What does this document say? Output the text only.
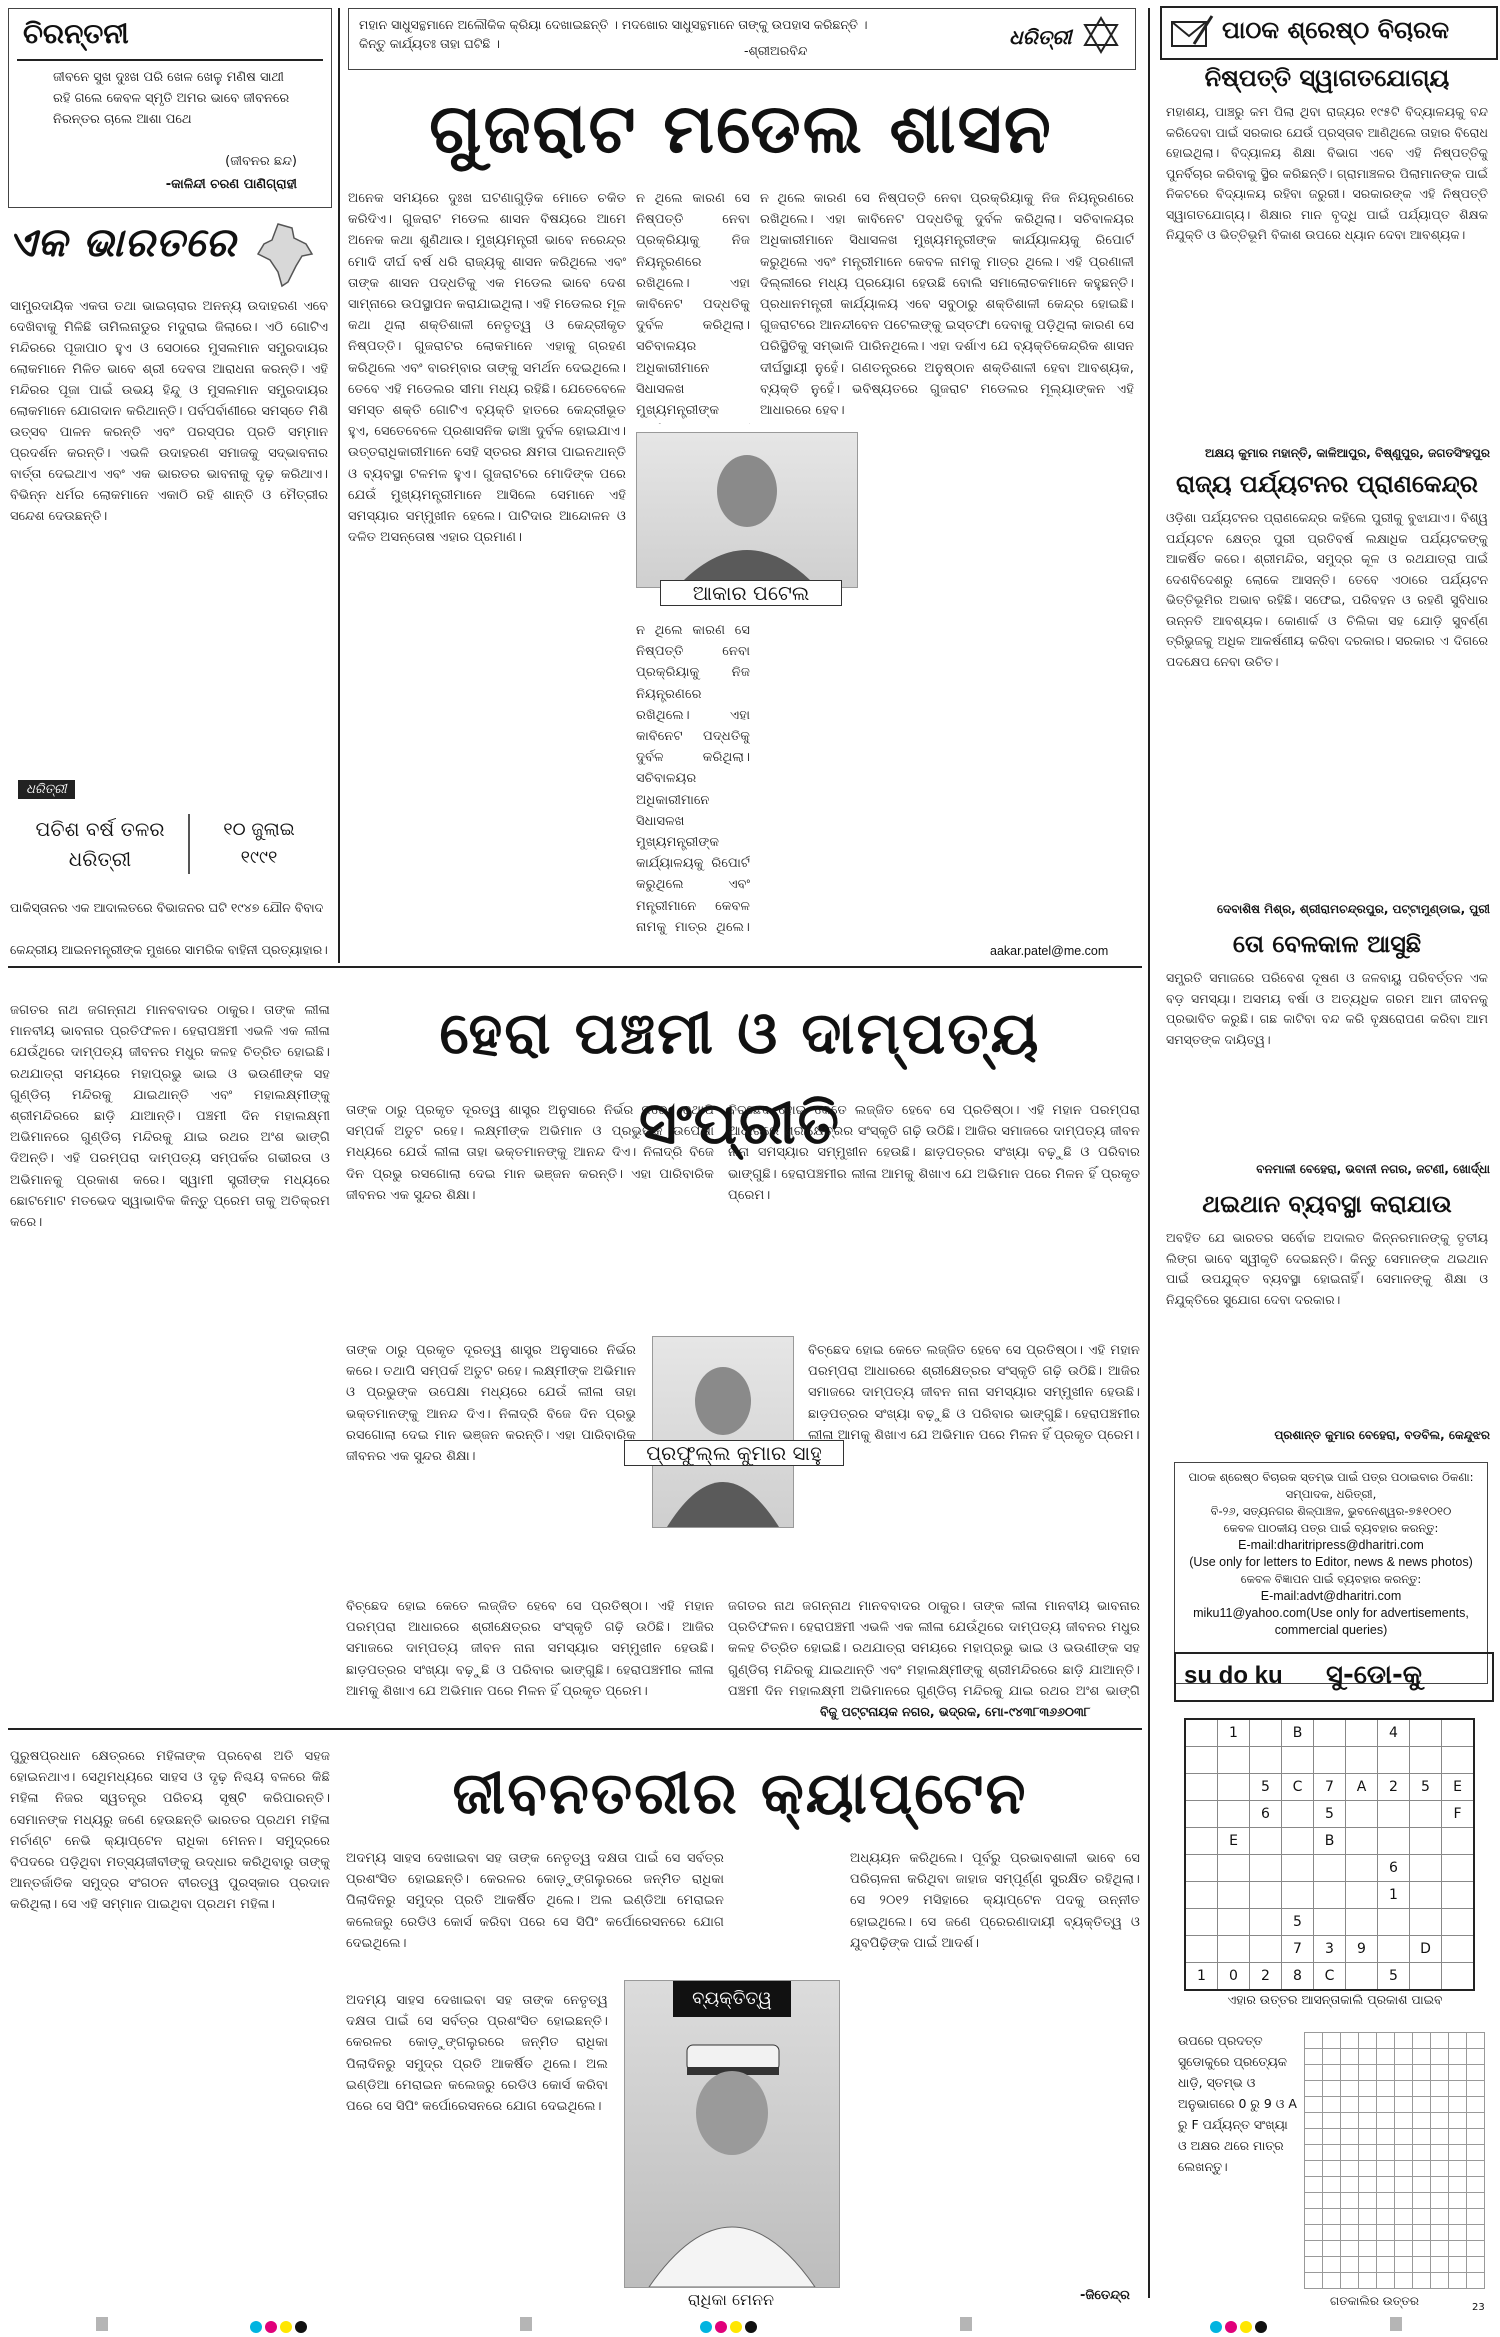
ଚିରନ୍ତନୀ
ଜୀବନେ ସୁଖ ଦୁଃଖ ପରି ଖେଳ ଖେଳୁ ମଣିଷ ସାଥୀ ରହି ଗଲେ କେବଳ ସ୍ମୃତି ଅମର ଭାବେ ଜୀବନରେ ନିରନ୍ତର ଚାଲେ ଆଶା ପଥେ
(ଜୀବନର ଛନ୍ଦ)
-କାଳିନ୍ଦୀ ଚରଣ ପାଣିଗ୍ରାହୀ
ମହାନ ସାଧୁସନ୍ଥମାନେ ଅଲୌକିକ କ୍ରିୟା ଦେଖାଇଛନ୍ତି । ମଦଖୋର ସାଧୁସନ୍ଥମାନେ ତାଙ୍କୁ ଉପହାସ କରିଛନ୍ତି । କିନ୍ତୁ କାର୍ଯ୍ୟତଃ ତାହା ଘଟିଛି ।	-ଶ୍ରୀଅରବିନ୍ଦ
ଧରିତ୍ରୀ
ଗୁଜରାଟ ମଡେଲ ଶାସନ
ପାଠକ ଶ୍ରେଷ୍ଠ ବିଚାରକ
ନିଷ୍ପତ୍ତି ସ୍ୱାଗତଯୋଗ୍ୟ
ମହାଶୟ, ପାଞ୍ଚରୁ କମ ପିଲା ଥିବା ରାଜ୍ୟର ୧୯୫ଟି ବିଦ୍ୟାଳୟକୁ ବନ୍ଦ କରିଦେବା ପାଇଁ ସରକାର ଯେଉଁ ପ୍ରସ୍ତାବ ଆଣିଥିଲେ ତାହାର ବିରୋଧ ହୋଇଥିଲା। ବିଦ୍ୟାଳୟ ଶିକ୍ଷା ବିଭାଗ ଏବେ ଏହି ନିଷ୍ପତ୍ତିକୁ ପୁନର୍ବିଚାର କରିବାକୁ ସ୍ଥିର କରିଛନ୍ତି। ଗ୍ରାମାଞ୍ଚଳର ପିଲାମାନଙ୍କ ପାଇଁ ନିକଟରେ ବିଦ୍ୟାଳୟ ରହିବା ଜରୁରୀ। ସରକାରଙ୍କ ଏହି ନିଷ୍ପତ୍ତି ସ୍ୱାଗତଯୋଗ୍ୟ। ଶିକ୍ଷାର ମାନ ବୃଦ୍ଧି ପାଇଁ ପର୍ଯ୍ୟାପ୍ତ ଶିକ୍ଷକ ନିଯୁକ୍ତି ଓ ଭିତ୍ତିଭୂମି ବିକାଶ ଉପରେ ଧ୍ୟାନ ଦେବା ଆବଶ୍ୟକ।
ଅକ୍ଷୟ କୁମାର ମହାନ୍ତି, କାଳିଆପୁର, ବିଷ୍ଣୁପୁର, ଜଗତସିଂହପୁର
ରାଜ୍ୟ ପର୍ଯ୍ୟଟନର ପ୍ରାଣକେନ୍ଦ୍ର
ଓଡ଼ିଶା ପର୍ଯ୍ୟଟନର ପ୍ରାଣକେନ୍ଦ୍ର କହିଲେ ପୁରୀକୁ ବୁଝାଯାଏ। ବିଶ୍ୱ ପର୍ଯ୍ୟଟନ କ୍ଷେତ୍ର ପୁରୀ ପ୍ରତିବର୍ଷ ଲକ୍ଷାଧିକ ପର୍ଯ୍ୟଟକଙ୍କୁ ଆକର୍ଷିତ କରେ। ଶ୍ରୀମନ୍ଦିର, ସମୁଦ୍ର କୂଳ ଓ ରଥଯାତ୍ରା ପାଇଁ ଦେଶବିଦେଶରୁ ଲୋକେ ଆସନ୍ତି। ତେବେ ଏଠାରେ ପର୍ଯ୍ୟଟନ ଭିତ୍ତିଭୂମିର ଅଭାବ ରହିଛି। ସଫେଇ, ପରିବହନ ଓ ରହଣି ସୁବିଧାର ଉନ୍ନତି ଆବଶ୍ୟକ। କୋଣାର୍କ ଓ ଚିଲିକା ସହ ଯୋଡ଼ି ସୁବର୍ଣ୍ଣ ତ୍ରିଭୁଜକୁ ଅଧିକ ଆକର୍ଷଣୀୟ କରିବା ଦରକାର। ସରକାର ଏ ଦିଗରେ ପଦକ୍ଷେପ ନେବା ଉଚିତ।
ଦେବାଶିଷ ମିଶ୍ର, ଶ୍ରୀରାମଚନ୍ଦ୍ରପୁର, ପଟ୍ଟାମୁଣ୍ଡାଇ, ପୁରୀ
ତୋ ବେଳକାଳ ଆସୁଛି
ସମ୍ପ୍ରତି ସମାଜରେ ପରିବେଶ ଦୂଷଣ ଓ ଜଳବାୟୁ ପରିବର୍ତ୍ତନ ଏକ ବଡ଼ ସମସ୍ୟା। ଅସମୟ ବର୍ଷା ଓ ଅତ୍ୟଧିକ ଗରମ ଆମ ଜୀବନକୁ ପ୍ରଭାବିତ କରୁଛି। ଗଛ କାଟିବା ବନ୍ଦ କରି ବୃକ୍ଷରୋପଣ କରିବା ଆମ ସମସ୍ତଙ୍କ ଦାୟିତ୍ୱ।
ବନମାଳୀ ବେହେରା, ଭବାନୀ ନଗର, ଜଟଣୀ, ଖୋର୍ଦ୍ଧା
ଥଇଥାନ ବ୍ୟବସ୍ଥା କରାଯାଉ
ଅବହିତ ଯେ ଭାରତର ସର୍ବୋଚ୍ଚ ଅଦାଲତ କିନ୍ନରମାନଙ୍କୁ ତୃତୀୟ ଲିଙ୍ଗ ଭାବେ ସ୍ୱୀକୃତି ଦେଇଛନ୍ତି। କିନ୍ତୁ ସେମାନଙ୍କ ଥଇଥାନ ପାଇଁ ଉପଯୁକ୍ତ ବ୍ୟବସ୍ଥା ହୋଇନାହିଁ। ସେମାନଙ୍କୁ ଶିକ୍ଷା ଓ ନିଯୁକ୍ତିରେ ସୁଯୋଗ ଦେବା ଦରକାର।
ପ୍ରଶାନ୍ତ କୁମାର ବେହେରା, ବଡବିଲ, କେନ୍ଦୁଝର
ପାଠକ ଶ୍ରେଷ୍ଠ ବିଚାରକ ସ୍ତମ୍ଭ ପାଇଁ ପତ୍ର ପଠାଇବାର ଠିକଣା:
ସମ୍ପାଦକ, ଧରିତ୍ରୀ,
ବି-୨୬, ସତ୍ୟନଗର ଶିଳ୍ପାଞ୍ଚଳ, ଭୁବନେଶ୍ୱର-୭୫୧୦୧୦
କେବଳ ପାଠକୀୟ ପତ୍ର ପାଇଁ ବ୍ୟବହାର କରନ୍ତୁ:
E-mail:dharitripress@dharitri.com
(Use only for letters to Editor, news & news photos)
କେବଳ ବିଜ୍ଞାପନ ପାଇଁ ବ୍ୟବହାର କରନ୍ତୁ:
E-mail:advt@dharitri.com
miku11@yahoo.com(Use only for advertisements, commercial queries)
su do ku ସୁ-ଡୋ-କୁ
	1		B			4		

		5	C	7	A	2	5	E
		6		5				F
	E			B				
						6		
						1		
			5					
			7	3	9		D	
1	0	2	8	C		5		
ଏହାର ଉତ୍ତର ଆସନ୍ତାକାଲି ପ୍ରକାଶ ପାଇବ
ଉପରେ ପ୍ରଦତ୍ତ ସୁଡୋକୁରେ ପ୍ରତ୍ୟେକ ଧାଡ଼ି, ସ୍ତମ୍ଭ ଓ ଅନୁଭାଗରେ 0 ରୁ 9 ଓ A ରୁ F ପର୍ଯ୍ୟନ୍ତ ସଂଖ୍ୟା ଓ ଅକ୍ଷର ଥରେ ମାତ୍ର ଲେଖନ୍ତୁ।

ଗତକାଲିର ଉତ୍ତର
ଏକ ଭାରତରେ
ସାମ୍ପ୍ରଦାୟିକ ଏକତା ତଥା ଭାଇଚାରାର ଅନନ୍ୟ ଉଦାହରଣ ଏବେ ଦେଖିବାକୁ ମିଳିଛି ତାମିଲନାଡୁର ମଦୁରାଇ ଜିଲାରେ। ଏଠି ଗୋଟିଏ ମନ୍ଦିରରେ ପୂଜାପାଠ ହୁଏ ଓ ସେଠାରେ ମୁସଲମାନ ସମ୍ପ୍ରଦାୟର ଲୋକମାନେ ମିଳିତ ଭାବେ ଶ୍ରୀ ଦେବତା ଆରାଧନା କରନ୍ତି। ଏହି ମନ୍ଦିରର ପୂଜା ପାଇଁ ଉଭୟ ହିନ୍ଦୁ ଓ ମୁସଲମାନ ସମ୍ପ୍ରଦାୟର ଲୋକମାନେ ଯୋଗଦାନ କରିଥାନ୍ତି। ପର୍ବପର୍ବାଣୀରେ ସମସ୍ତେ ମିଶି ଉତ୍ସବ ପାଳନ କରନ୍ତି ଏବଂ ପରସ୍ପର ପ୍ରତି ସମ୍ମାନ ପ୍ରଦର୍ଶନ କରନ୍ତି। ଏଭଳି ଉଦାହରଣ ସମାଜକୁ ସଦ୍ଭାବନାର ବାର୍ତ୍ତା ଦେଇଥାଏ ଏବଂ ଏକ ଭାରତର ଭାବନାକୁ ଦୃଢ଼ କରିଥାଏ। ବିଭିନ୍ନ ଧର୍ମର ଲୋକମାନେ ଏକାଠି ରହି ଶାନ୍ତି ଓ ମୈତ୍ରୀର ସନ୍ଦେଶ ଦେଉଛନ୍ତି।
ଧରିତ୍ରୀ
ପଚିଶ ବର୍ଷ ତଳର ଧରିତ୍ରୀ
୧୦ ଜୁଲାଇ ୧୯୯୧
ପାକିସ୍ତାନର ଏକ ଆଦାଲତରେ ବିଭାଜନର ଘଟି ୧୯୪୭ ଯୌନ ବିବାଦ
କେନ୍ଦ୍ରୀୟ ଆଇନମନ୍ତ୍ରୀଙ୍କ ମୁଖରେ ସାମରିକ ବାହିନୀ ପ୍ରତ୍ୟାହାର।
ଅନେକ ସମୟରେ ଦୁଃଖ ଘଟଣାଗୁଡ଼ିକ ମୋତେ ଚକିତ କରିଦିଏ। ଗୁଜରାଟ ମଡେଲ ଶାସନ ବିଷୟରେ ଆମେ ଅନେକ କଥା ଶୁଣିଥାଉ। ମୁଖ୍ୟମନ୍ତ୍ରୀ ଭାବେ ନରେନ୍ଦ୍ର ମୋଦି ଦୀର୍ଘ ବର୍ଷ ଧରି ରାଜ୍ୟକୁ ଶାସନ କରିଥିଲେ ଏବଂ ତାଙ୍କ ଶାସନ ପଦ୍ଧତିକୁ ଏକ ମଡେଲ ଭାବେ ଦେଶ ସାମ୍ନାରେ ଉପସ୍ଥାପନ କରାଯାଇଥିଲା। ଏହି ମଡେଲର ମୂଳ କଥା ଥିଲା ଶକ୍ତିଶାଳୀ ନେତୃତ୍ୱ ଓ କେନ୍ଦ୍ରୀକୃତ ନିଷ୍ପତ୍ତି। ଗୁଜରାଟର ଲୋକମାନେ ଏହାକୁ ଗ୍ରହଣ କରିଥିଲେ ଏବଂ ବାରମ୍ବାର ତାଙ୍କୁ ସମର୍ଥନ ଦେଇଥିଲେ। ତେବେ ଏହି ମଡେଲର ସୀମା ମଧ୍ୟ ରହିଛି। ଯେତେବେଳେ ସମସ୍ତ ଶକ୍ତି ଗୋଟିଏ ବ୍ୟକ୍ତି ହାତରେ କେନ୍ଦ୍ରୀଭୂତ ହୁଏ, ସେତେବେଳେ ପ୍ରଶାସନିକ ଢାଞ୍ଚା ଦୁର୍ବଳ ହୋଇଯାଏ। ଉତ୍ତରାଧିକାରୀମାନେ ସେହି ସ୍ତରର କ୍ଷମତା ପାଇନଥାନ୍ତି ଓ ବ୍ୟବସ୍ଥା ଟଳମଳ ହୁଏ। ଗୁଜରାଟରେ ମୋଦିଙ୍କ ପରେ ଯେଉଁ ମୁଖ୍ୟମନ୍ତ୍ରୀମାନେ ଆସିଲେ ସେମାନେ ଏହି ସମସ୍ୟାର ସମ୍ମୁଖୀନ ହେଲେ। ପାଟିଦାର ଆନ୍ଦୋଳନ ଓ ଦଳିତ ଅସନ୍ତୋଷ ଏହାର ପ୍ରମାଣ।
ନ ଥିଲେ କାରଣ ସେ ନିଷ୍ପତ୍ତି ନେବା ପ୍ରକ୍ରିୟାକୁ ନିଜ ନିୟନ୍ତ୍ରଣରେ ରଖିଥିଲେ। ଏହା କାବିନେଟ ପଦ୍ଧତିକୁ ଦୁର୍ବଳ କରିଥିଲା। ସଚିବାଳୟର ଅଧିକାରୀମାନେ ସିଧାସଳଖ ମୁଖ୍ୟମନ୍ତ୍ରୀଙ୍କ
ଆକାର ପଟେଲ
ନ ଥିଲେ କାରଣ ସେ ନିଷ୍ପତ୍ତି ନେବା ପ୍ରକ୍ରିୟାକୁ ନିଜ ନିୟନ୍ତ୍ରଣରେ ରଖିଥିଲେ। ଏହା କାବିନେଟ ପଦ୍ଧତିକୁ ଦୁର୍ବଳ କରିଥିଲା। ସଚିବାଳୟର ଅଧିକାରୀମାନେ ସିଧାସଳଖ ମୁଖ୍ୟମନ୍ତ୍ରୀଙ୍କ କାର୍ଯ୍ୟାଳୟକୁ ରିପୋର୍ଟ କରୁଥିଲେ ଏବଂ ମନ୍ତ୍ରୀମାନେ କେବଳ ନାମକୁ ମାତ୍ର ଥିଲେ।
ନ ଥିଲେ କାରଣ ସେ ନିଷ୍ପତ୍ତି ନେବା ପ୍ରକ୍ରିୟାକୁ ନିଜ ନିୟନ୍ତ୍ରଣରେ ରଖିଥିଲେ। ଏହା କାବିନେଟ ପଦ୍ଧତିକୁ ଦୁର୍ବଳ କରିଥିଲା। ସଚିବାଳୟର ଅଧିକାରୀମାନେ ସିଧାସଳଖ ମୁଖ୍ୟମନ୍ତ୍ରୀଙ୍କ କାର୍ଯ୍ୟାଳୟକୁ ରିପୋର୍ଟ କରୁଥିଲେ ଏବଂ ମନ୍ତ୍ରୀମାନେ କେବଳ ନାମକୁ ମାତ୍ର ଥିଲେ। ଏହି ପ୍ରଣାଳୀ ଦିଲ୍ଲୀରେ ମଧ୍ୟ ପ୍ରୟୋଗ ହେଉଛି ବୋଲି ସମାଲୋଚକମାନେ କହୁଛନ୍ତି। ପ୍ରଧାନମନ୍ତ୍ରୀ କାର୍ଯ୍ୟାଳୟ ଏବେ ସବୁଠାରୁ ଶକ୍ତିଶାଳୀ କେନ୍ଦ୍ର ହୋଇଛି। ଗୁଜରାଟରେ ଆନନ୍ଦୀବେନ ପଟେଲଙ୍କୁ ଇସ୍ତଫା ଦେବାକୁ ପଡ଼ିଥିଲା କାରଣ ସେ ପରିସ୍ଥିତିକୁ ସମ୍ଭାଳି ପାରିନଥିଲେ। ଏହା ଦର୍ଶାଏ ଯେ ବ୍ୟକ୍ତିକେନ୍ଦ୍ରିକ ଶାସନ ଦୀର୍ଘସ୍ଥାୟୀ ନୁହେଁ। ଗଣତନ୍ତ୍ରରେ ଅନୁଷ୍ଠାନ ଶକ୍ତିଶାଳୀ ହେବା ଆବଶ୍ୟକ, ବ୍ୟକ୍ତି ନୁହେଁ। ଭବିଷ୍ୟତରେ ଗୁଜରାଟ ମଡେଲର ମୂଲ୍ୟାଙ୍କନ ଏହି ଆଧାରରେ ହେବ।
aakar.patel@me.com
ହେରା ପଞ୍ଚମୀ ଓ ଦାମ୍ପତ୍ୟ ସଂପ୍ରୀତି
ଜଗତର ନାଥ ଜଗନ୍ନାଥ ମାନବବାଦର ଠାକୁର। ତାଙ୍କ ଲୀଳା ମାନବୀୟ ଭାବନାର ପ୍ରତିଫଳନ। ହେରାପଞ୍ଚମୀ ଏଭଳି ଏକ ଲୀଳା ଯେଉଁଥିରେ ଦାମ୍ପତ୍ୟ ଜୀବନର ମଧୁର କଳହ ଚିତ୍ରିତ ହୋଇଛି। ରଥଯାତ୍ରା ସମୟରେ ମହାପ୍ରଭୁ ଭାଇ ଓ ଭଉଣୀଙ୍କ ସହ ଗୁଣ୍ଡିଚା ମନ୍ଦିରକୁ ଯାଇଥାନ୍ତି ଏବଂ ମହାଲକ୍ଷ୍ମୀଙ୍କୁ ଶ୍ରୀମନ୍ଦିରରେ ଛାଡ଼ି ଯାଆନ୍ତି। ପଞ୍ଚମୀ ଦିନ ମହାଲକ୍ଷ୍ମୀ ଅଭିମାନରେ ଗୁଣ୍ଡିଚା ମନ୍ଦିରକୁ ଯାଇ ରଥର ଅଂଶ ଭାଙ୍ଗି ଦିଅନ୍ତି। ଏହି ପରମ୍ପରା ଦାମ୍ପତ୍ୟ ସମ୍ପର୍କର ଗଭୀରତା ଓ ଅଭିମାନକୁ ପ୍ରକାଶ କରେ। ସ୍ୱାମୀ ସ୍ତ୍ରୀଙ୍କ ମଧ୍ୟରେ ଛୋଟମୋଟ ମତଭେଦ ସ୍ୱାଭାବିକ କିନ୍ତୁ ପ୍ରେମ ତାକୁ ଅତିକ୍ରମ କରେ।
ତାଙ୍କ ଠାରୁ ପ୍ରକୃତ ଦୂରତ୍ୱ ଶାସ୍ତ୍ର ଅନୁସାରେ ନିର୍ଭର କରେ। ତଥାପି ସମ୍ପର୍କ ଅତୁଟ ରହେ। ଲକ୍ଷ୍ମୀଙ୍କ ଅଭିମାନ ଓ ପ୍ରଭୁଙ୍କ ଉପେକ୍ଷା ମଧ୍ୟରେ ଯେଉଁ ଲୀଳା ତାହା ଭକ୍ତମାନଙ୍କୁ ଆନନ୍ଦ ଦିଏ। ନିଳାଦ୍ରି ବିଜେ ଦିନ ପ୍ରଭୁ ରସଗୋଲା ଦେଇ ମାନ ଭଞ୍ଜନ କରନ୍ତି। ଏହା ପାରିବାରିକ ଜୀବନର ଏକ ସୁନ୍ଦର ଶିକ୍ଷା।
ପ୍ରଫୁଲ୍ଲ କୁମାର ସାହୁ
ତାଙ୍କ ଠାରୁ ପ୍ରକୃତ ଦୂରତ୍ୱ ଶାସ୍ତ୍ର ଅନୁସାରେ ନିର୍ଭର କରେ। ତଥାପି ସମ୍ପର୍କ ଅତୁଟ ରହେ। ଲକ୍ଷ୍ମୀଙ୍କ ଅଭିମାନ ଓ ପ୍ରଭୁଙ୍କ ଉପେକ୍ଷା ମଧ୍ୟରେ ଯେଉଁ ଲୀଳା ତାହା ଭକ୍ତମାନଙ୍କୁ ଆନନ୍ଦ ଦିଏ। ନିଳାଦ୍ରି ବିଜେ ଦିନ ପ୍ରଭୁ ରସଗୋଲା ଦେଇ ମାନ ଭଞ୍ଜନ କରନ୍ତି। ଏହା ପାରିବାରିକ ଜୀବନର ଏକ ସୁନ୍ଦର ଶିକ୍ଷା।
ବିଚ୍ଛେଦ ହୋଇ କେତେ ଲଜ୍ଜିତ ହେବେ ସେ ପ୍ରତିଷ୍ଠା। ଏହି ମହାନ ପରମ୍ପରା ଆଧାରରେ ଶ୍ରୀକ୍ଷେତ୍ରର ସଂସ୍କୃତି ଗଢ଼ି ଉଠିଛି। ଆଜିର ସମାଜରେ ଦାମ୍ପତ୍ୟ ଜୀବନ ନାନା ସମସ୍ୟାର ସମ୍ମୁଖୀନ ହେଉଛି। ଛାଡ଼ପତ୍ରର ସଂଖ୍ୟା ବଢ଼ୁଛି ଓ ପରିବାର ଭାଙ୍ଗୁଛି। ହେରାପଞ୍ଚମୀର ଲୀଳା ଆମକୁ ଶିଖାଏ ଯେ ଅଭିମାନ ପରେ ମିଳନ ହିଁ ପ୍ରକୃତ ପ୍ରେମ।
ବିଚ୍ଛେଦ ହୋଇ କେତେ ଲଜ୍ଜିତ ହେବେ ସେ ପ୍ରତିଷ୍ଠା। ଏହି ମହାନ ପରମ୍ପରା ଆଧାରରେ ଶ୍ରୀକ୍ଷେତ୍ରର ସଂସ୍କୃତି ଗଢ଼ି ଉଠିଛି। ଆଜିର ସମାଜରେ ଦାମ୍ପତ୍ୟ ଜୀବନ ନାନା ସମସ୍ୟାର ସମ୍ମୁଖୀନ ହେଉଛି। ଛାଡ଼ପତ୍ରର ସଂଖ୍ୟା ବଢ଼ୁଛି ଓ ପରିବାର ଭାଙ୍ଗୁଛି। ହେରାପଞ୍ଚମୀର ଲୀଳା ଆମକୁ ଶିଖାଏ ଯେ ଅଭିମାନ ପରେ ମିଳନ ହିଁ ପ୍ରକୃତ ପ୍ରେମ।
ବିଚ୍ଛେଦ ହୋଇ କେତେ ଲଜ୍ଜିତ ହେବେ ସେ ପ୍ରତିଷ୍ଠା। ଏହି ମହାନ ପରମ୍ପରା ଆଧାରରେ ଶ୍ରୀକ୍ଷେତ୍ରର ସଂସ୍କୃତି ଗଢ଼ି ଉଠିଛି। ଆଜିର ସମାଜରେ ଦାମ୍ପତ୍ୟ ଜୀବନ ନାନା ସମସ୍ୟାର ସମ୍ମୁଖୀନ ହେଉଛି। ଛାଡ଼ପତ୍ରର ସଂଖ୍ୟା ବଢ଼ୁଛି ଓ ପରିବାର ଭାଙ୍ଗୁଛି। ହେରାପଞ୍ଚମୀର ଲୀଳା ଆମକୁ ଶିଖାଏ ଯେ ଅଭିମାନ ପରେ ମିଳନ ହିଁ ପ୍ରକୃତ ପ୍ରେମ।
ଜଗତର ନାଥ ଜଗନ୍ନାଥ ମାନବବାଦର ଠାକୁର। ତାଙ୍କ ଲୀଳା ମାନବୀୟ ଭାବନାର ପ୍ରତିଫଳନ। ହେରାପଞ୍ଚମୀ ଏଭଳି ଏକ ଲୀଳା ଯେଉଁଥିରେ ଦାମ୍ପତ୍ୟ ଜୀବନର ମଧୁର କଳହ ଚିତ୍ରିତ ହୋଇଛି। ରଥଯାତ୍ରା ସମୟରେ ମହାପ୍ରଭୁ ଭାଇ ଓ ଭଉଣୀଙ୍କ ସହ ଗୁଣ୍ଡିଚା ମନ୍ଦିରକୁ ଯାଇଥାନ୍ତି ଏବଂ ମହାଲକ୍ଷ୍ମୀଙ୍କୁ ଶ୍ରୀମନ୍ଦିରରେ ଛାଡ଼ି ଯାଆନ୍ତି। ପଞ୍ଚମୀ ଦିନ ମହାଲକ୍ଷ୍ମୀ ଅଭିମାନରେ ଗୁଣ୍ଡିଚା ମନ୍ଦିରକୁ ଯାଇ ରଥର ଅଂଶ ଭାଙ୍ଗି
ବିଜୁ ପଟ୍ଟନାୟକ ନଗର, ଭଦ୍ରକ, ମୋ-୯୪୩୮୩୬୬୦୩୮
ଜୀବନତରୀର କ୍ୟାପ୍ଟେନ
ପୁରୁଷପ୍ରଧାନ କ୍ଷେତ୍ରରେ ମହିଳାଙ୍କ ପ୍ରବେଶ ଅତି ସହଜ ହୋଇନଥାଏ। ସେଥିମଧ୍ୟରେ ସାହସ ଓ ଦୃଢ଼ ନିଶ୍ଚୟ ବଳରେ କିଛି ମହିଳା ନିଜର ସ୍ୱତନ୍ତ୍ର ପରିଚୟ ସୃଷ୍ଟି କରିପାରନ୍ତି। ସେମାନଙ୍କ ମଧ୍ୟରୁ ଜଣେ ହେଉଛନ୍ତି ଭାରତର ପ୍ରଥମ ମହିଳା ମର୍ଚାଣ୍ଟ ନେଭି କ୍ୟାପ୍ଟେନ ରାଧିକା ମେନନ। ସମୁଦ୍ରରେ ବିପଦରେ ପଡ଼ିଥିବା ମତ୍ସ୍ୟଜୀବୀଙ୍କୁ ଉଦ୍ଧାର କରିଥିବାରୁ ତାଙ୍କୁ ଆନ୍ତର୍ଜାତିକ ସମୁଦ୍ର ସଂଗଠନ ବୀରତ୍ୱ ପୁରସ୍କାର ପ୍ରଦାନ କରିଥିଲା। ସେ ଏହି ସମ୍ମାନ ପାଇଥିବା ପ୍ରଥମ ମହିଳା।
ଅଦମ୍ୟ ସାହସ ଦେଖାଇବା ସହ ତାଙ୍କ ନେତୃତ୍ୱ ଦକ୍ଷତା ପାଇଁ ସେ ସର୍ବତ୍ର ପ୍ରଶଂସିତ ହୋଇଛନ୍ତି। କେରଳର କୋଡ଼ୁଙ୍ଗଲୁରରେ ଜନ୍ମିତ ରାଧିକା ପିଲାଦିନରୁ ସମୁଦ୍ର ପ୍ରତି ଆକର୍ଷିତ ଥିଲେ। ଅଲ ଇଣ୍ଡିଆ ମେରାଇନ କଲେଜରୁ ରେଡିଓ କୋର୍ସ କରିବା ପରେ ସେ ସିପିଂ କର୍ପୋରେସନରେ ଯୋଗ ଦେଇଥିଲେ।
ଅଦମ୍ୟ ସାହସ ଦେଖାଇବା ସହ ତାଙ୍କ ନେତୃତ୍ୱ ଦକ୍ଷତା ପାଇଁ ସେ ସର୍ବତ୍ର ପ୍ରଶଂସିତ ହୋଇଛନ୍ତି। କେରଳର କୋଡ଼ୁଙ୍ଗଲୁରରେ ଜନ୍ମିତ ରାଧିକା ପିଲାଦିନରୁ ସମୁଦ୍ର ପ୍ରତି ଆକର୍ଷିତ ଥିଲେ। ଅଲ ଇଣ୍ଡିଆ ମେରାଇନ କଲେଜରୁ ରେଡିଓ କୋର୍ସ କରିବା ପରେ ସେ ସିପିଂ କର୍ପୋରେସନରେ ଯୋଗ ଦେଇଥିଲେ।
ବ୍ୟକ୍ତିତ୍ୱ
ରାଧିକା ମେନନ
ଅଧ୍ୟୟନ କରିଥିଲେ। ପୂର୍ବରୁ ପ୍ରଭାବଶାଳୀ ଭାବେ ସେ ପରିଚାଳନା କରିଥିବା ଜାହାଜ ସମ୍ପୂର୍ଣ୍ଣ ସୁରକ୍ଷିତ ରହିଥିଲା। ସେ ୨୦୧୨ ମସିହାରେ କ୍ୟାପ୍ଟେନ ପଦକୁ ଉନ୍ନୀତ ହୋଇଥିଲେ। ସେ ଜଣେ ପ୍ରେରଣାଦାୟୀ ବ୍ୟକ୍ତିତ୍ୱ ଓ ଯୁବପିଢ଼ିଙ୍କ ପାଇଁ ଆଦର୍ଶ।
-ଜିତେନ୍ଦ୍ର
23
